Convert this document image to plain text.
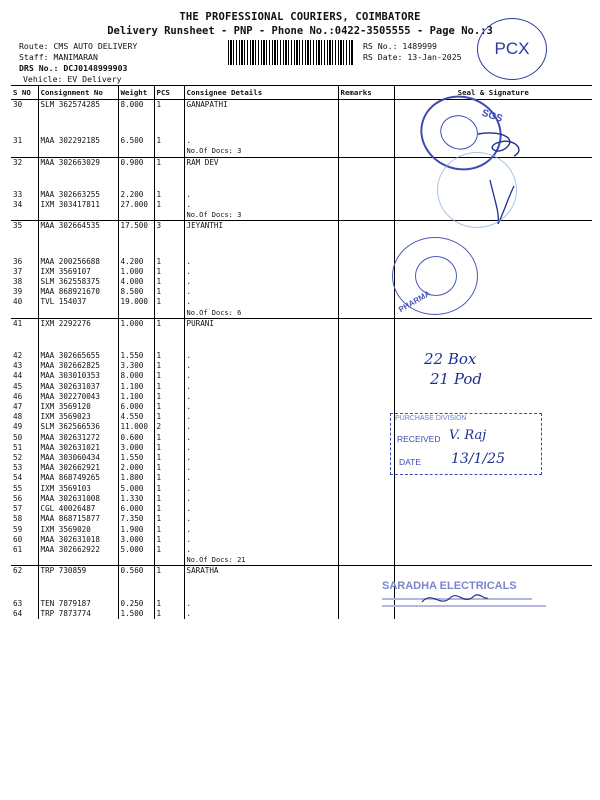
THE PROFESSIONAL COURIERS, COIMBATORE
Delivery Runsheet - PNP - Phone No.:0422-3505555 - Page No.:3
Route: CMS AUTO DELIVERY
Staff: MANIMARAN
DRS No.: DCJ0148999903
Vehicle: EV Delivery
RS No.: 1489999
RS Date: 13-Jan-2025	PCX
S NO	Consignment No	Weight	PCS	Consignee Details	Remarks	Seal & Signature
30	SLM 362574285	8.000	1	GANAPATHI		

31	MAA 302292185	6.500	1	.		
				No.Of Docs: 3		
32	MAA 302663029	0.900	1	RAM DEV		

33	MAA 302663255	2.200	1	.		
34	IXM 303417811	27.000	1	.		
				No.Of Docs: 3		
35	MAA 302664535	17.500	3	JEYANTHI		

36	MAA 200256688	4.200	1	.		
37	IXM 3569107	1.000	1	.		
38	SLM 362558375	4.000	1	.		
39	MAA 868921670	8.500	1	.		
40	TVL 154037	19.000	1	.		
				No.Of Docs: 6		
41	IXM 2292276	1.000	1	PURANI		

42	MAA 302665655	1.550	1	.		
43	MAA 302662825	3.300	1	.		
44	MAA 303010353	8.000	1	.		
45	MAA 302631037	1.100	1	.		
46	MAA 302270043	1.100	1	.		
47	IXM 3569120	6.000	1	.		
48	IXM 3569023	4.550	1	.		
49	SLM 362566536	11.000	2	.		
50	MAA 302631272	0.600	1	.		
51	MAA 302631021	3.000	1	.		
52	MAA 303060434	1.550	1	.		
53	MAA 302662921	2.000	1	.		
54	MAA 868749265	1.800	1	.		
55	IXM 3569103	5.000	1	.		
56	MAA 302631008	1.330	1	.		
57	CGL 40026487	6.000	1	.		
58	MAA 868715877	7.350	1	.		
59	IXM 3569020	1.900	1	.		
60	MAA 302631018	3.000	1	.		
61	MAA 302662922	5.000	1	.		
				No.Of Docs: 21		
62	TRP 730859	0.560	1	SARATHA		

63	TEN 7879187	0.250	1	.		
64	TRP 7873774	1.500	1	.		
SGS
PHARMA
22 Box
21 Pod
PURCHASE DIVISION
RECEIVED V. Raj
DATE 13/1/25
SARADHA ELECTRICALS
